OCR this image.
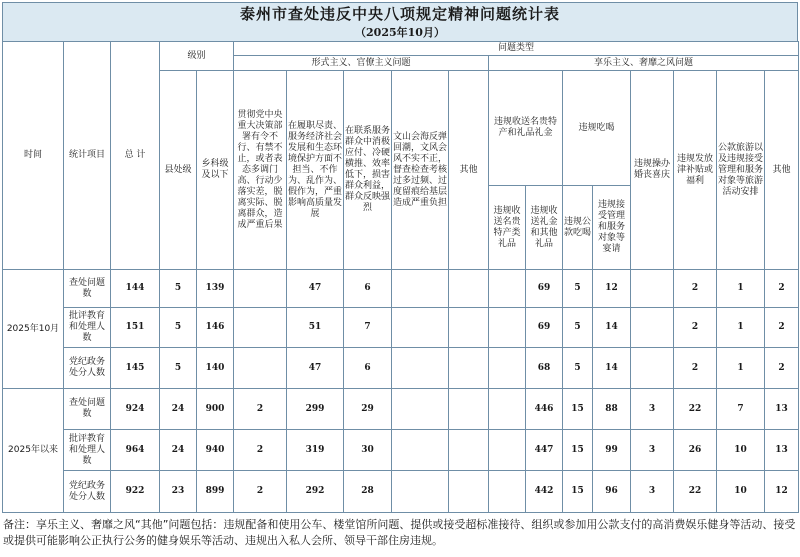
泰州市查处违反中央八项规定精神问题统计表
（2025年10月）
时间	统计项目	总 计	级别		问题类型												
					形式主义、官僚主义问题					享乐主义、奢靡之风问题							
			县处级	乡科级及以下	贯彻党中央重大决策部署有令不行、有禁不止，或者表态多调门高、行动少落实差，脱离实际、脱离群众，造成严重后果	在履职尽责、服务经济社会发展和生态环境保护方面不担当、不作为、乱作为、假作为，严重影响高质量发展	在联系服务群众中消极应付、冷硬横推、效率低下，损害群众利益，群众反映强烈	文山会海反弹回潮，文风会风不实不正，督查检查考核过多过频、过度留痕给基层造成严重负担	其他	违规收送名贵特产和礼品礼金		违规吃喝		违规操办婚丧喜庆	违规发放津补贴或福利	公款旅游以及违规接受管理和服务对象等旅游活动安排	其他
										违规收送名贵特产类礼品	违规收送礼金和其他礼品	违规公款吃喝	违规接受管理和服务对象等宴请				
2025年10月	查处问题数	144	5	139		47	6				69	5	12		2	1	2
	批评教育和处理人数	151	5	146		51	7				69	5	14		2	1	2
	党纪政务处分人数	145	5	140		47	6				68	5	14		2	1	2
2025年以来	查处问题数	924	24	900	2	299	29				446	15	88	3	22	7	13
	批评教育和处理人数	964	24	940	2	319	30				447	15	99	3	26	10	13
	党纪政务处分人数	922	23	899	2	292	28				442	15	96	3	22	10	12
备注：享乐主义、奢靡之风“其他”问题包括：违规配备和使用公车、楼堂馆所问题、提供或接受超标准接待、组织或参加用公款支付的高消费娱乐健身等活动、接受或提供可能影响公正执行公务的健身娱乐等活动、违规出入私人会所、领导干部住房违规。
